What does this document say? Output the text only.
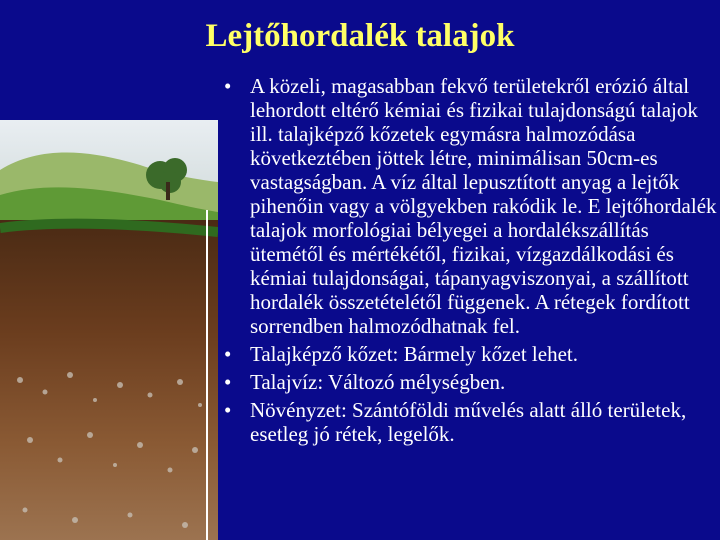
Lejtőhordalék talajok
• A közeli, magasabban fekvő területekről erózió által lehordott eltérő kémiai és fizikai tulajdonságú talajok ill. talajképző kőzetek egymásra halmozódása következtében jöttek létre, minimálisan 50cm-es vastagságban. A víz által lepusztított anyag a lejtők pihenőin vagy a völgyekben rakódik le. E lejtőhordalék talajok morfológiai bélyegei a hordalékszállítás ütemétől és mértékétől, fizikai, vízgazdálkodási és kémiai tulajdonságai, tápanyagviszonyai, a szállított hordalék összetételétől függenek. A rétegek fordított sorrendben halmozódhatnak fel.
• Talajképző kőzet: Bármely kőzet lehet.
• Talajvíz: Változó mélységben.
• Növényzet: Szántóföldi művelés alatt álló területek, esetleg jó rétek, legelők.
